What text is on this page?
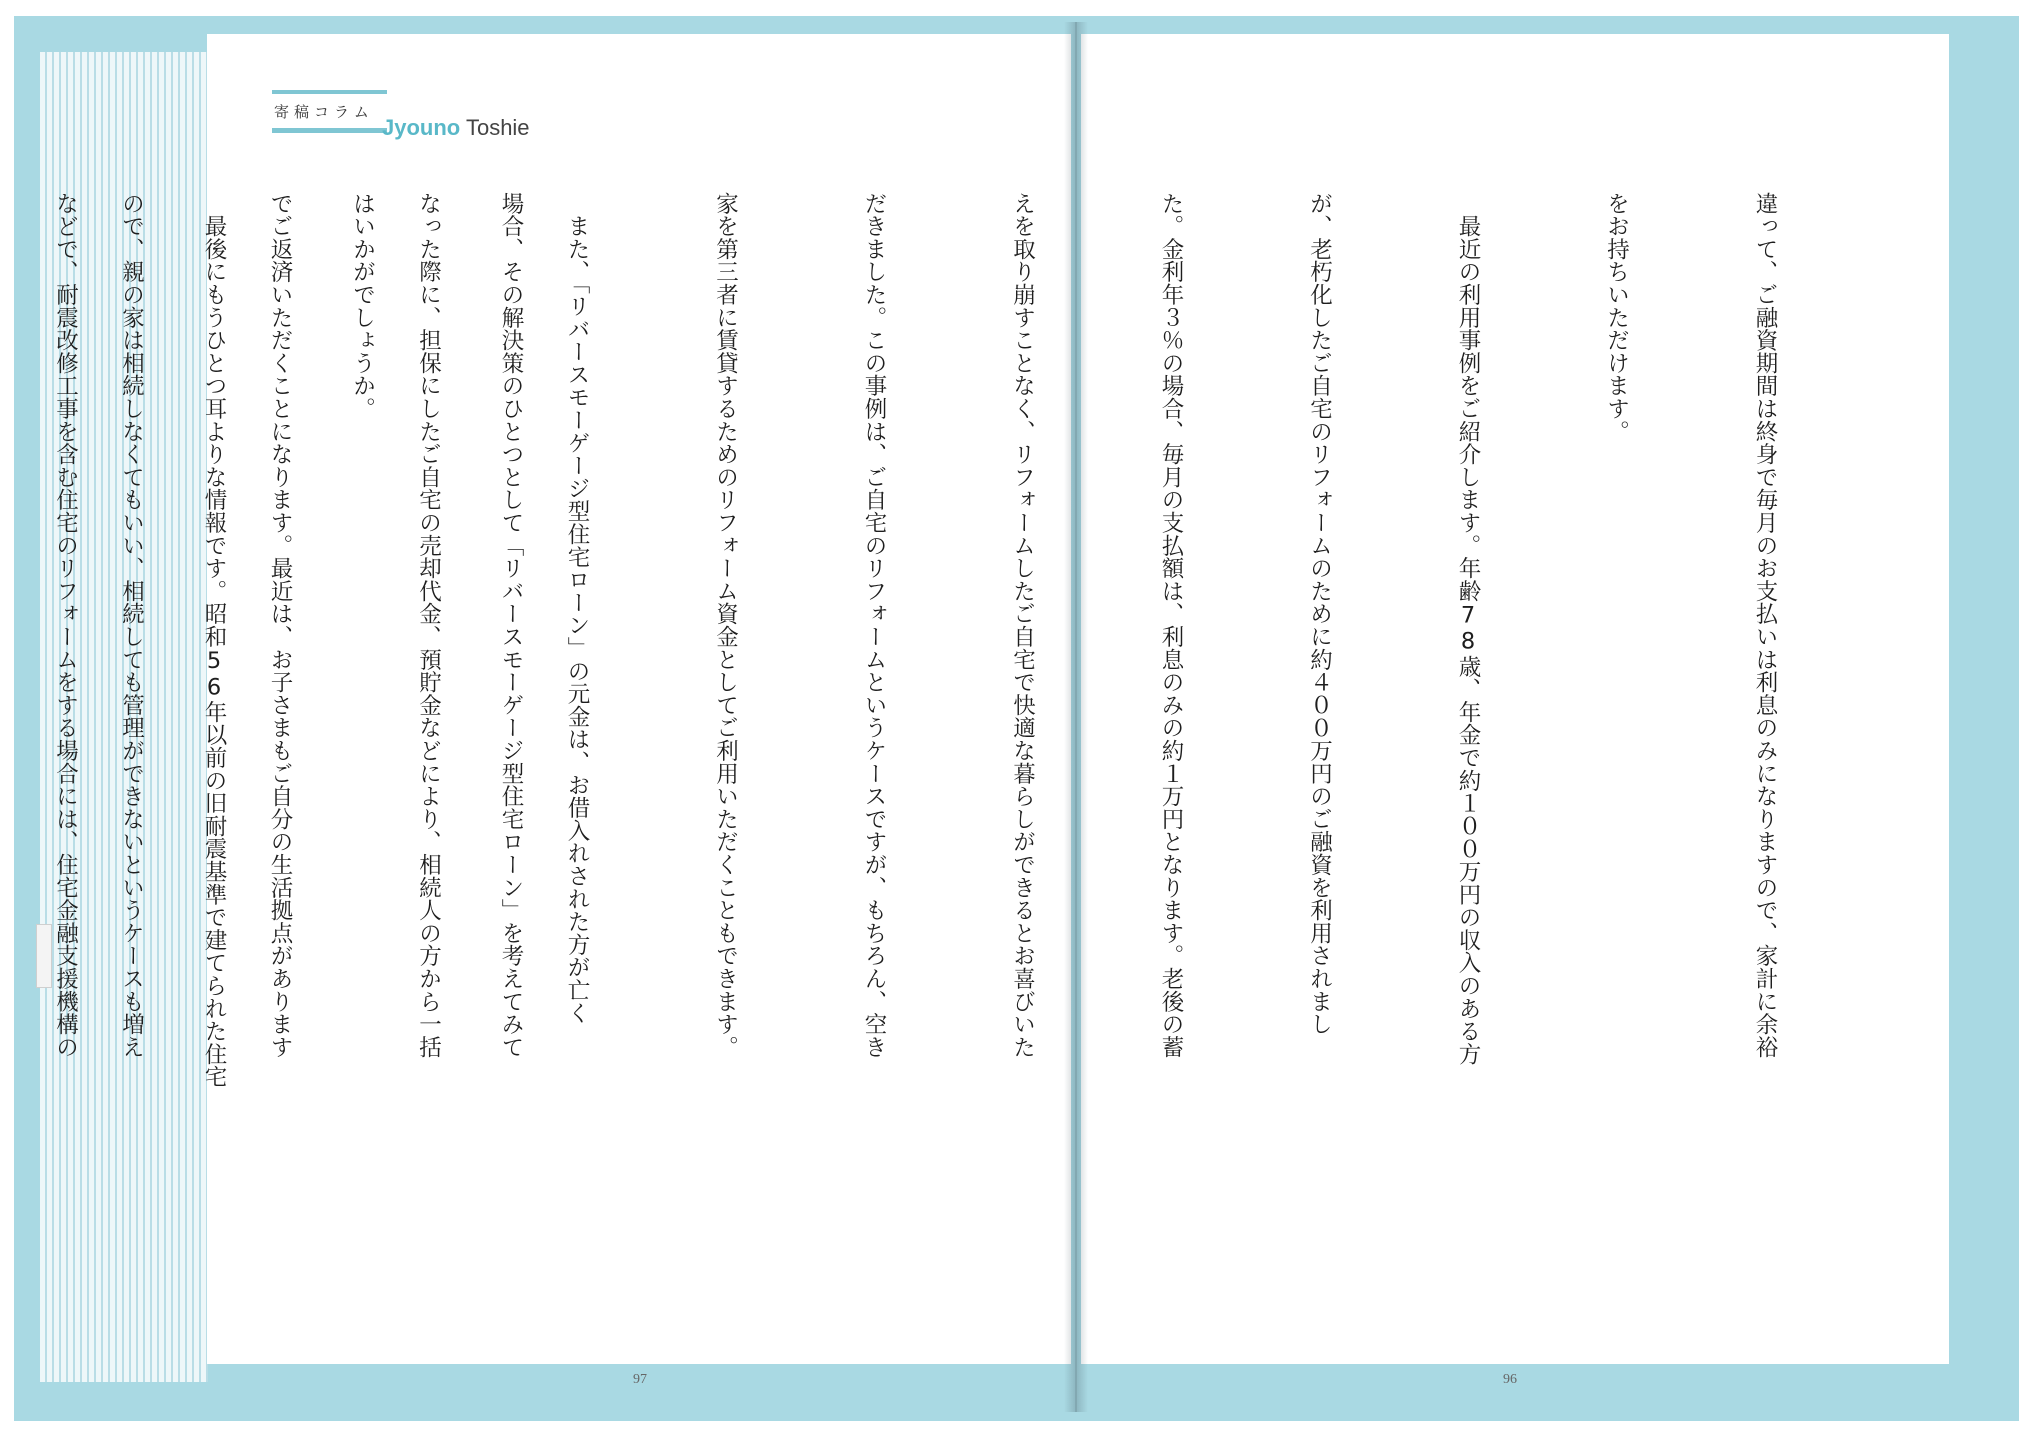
寄稿コラム
Jyouno Toshie

違って、ご融資期間は終身で毎月のお支払いは利息のみになりますので、家計に余裕

をお持ちいただけます。

　最近の利用事例をご紹介します。年齢78歳、年金で約１００万円の収入のある方

が、老朽化したご自宅のリフォームのために約４００万円のご融資を利用されまし

た。金利年３％の場合、毎月の支払額は、利息のみの約１万円となります。老後の蓄

えを取り崩すことなく、リフォームしたご自宅で快適な暮らしができるとお喜びいた

だきました。この事例は、ご自宅のリフォームというケースですが、もちろん、空き

家を第三者に賃貸するためのリフォーム資金としてご利用いただくこともできます。

　また、「リバースモーゲージ型住宅ローン」の元金は、お借入れされた方が亡く

なった際に、担保にしたご自宅の売却代金、預貯金などにより、相続人の方から一括

でご返済いただくことになります。最近は、お子さまもご自分の生活拠点があります

ので、親の家は相続しなくてもいい、相続しても管理ができないというケースも増え

	場合、その解決策のひとつとして「リバースモーゲージ型住宅ローン」を考えてみて

はいかがでしょうか。

　最後にもうひとつ耳よりな情報です。昭和56年以前の旧耐震基準で建てられた住宅

などで、耐震改修工事を含む住宅のリフォームをする場合には、住宅金融支援機構の

97	96
